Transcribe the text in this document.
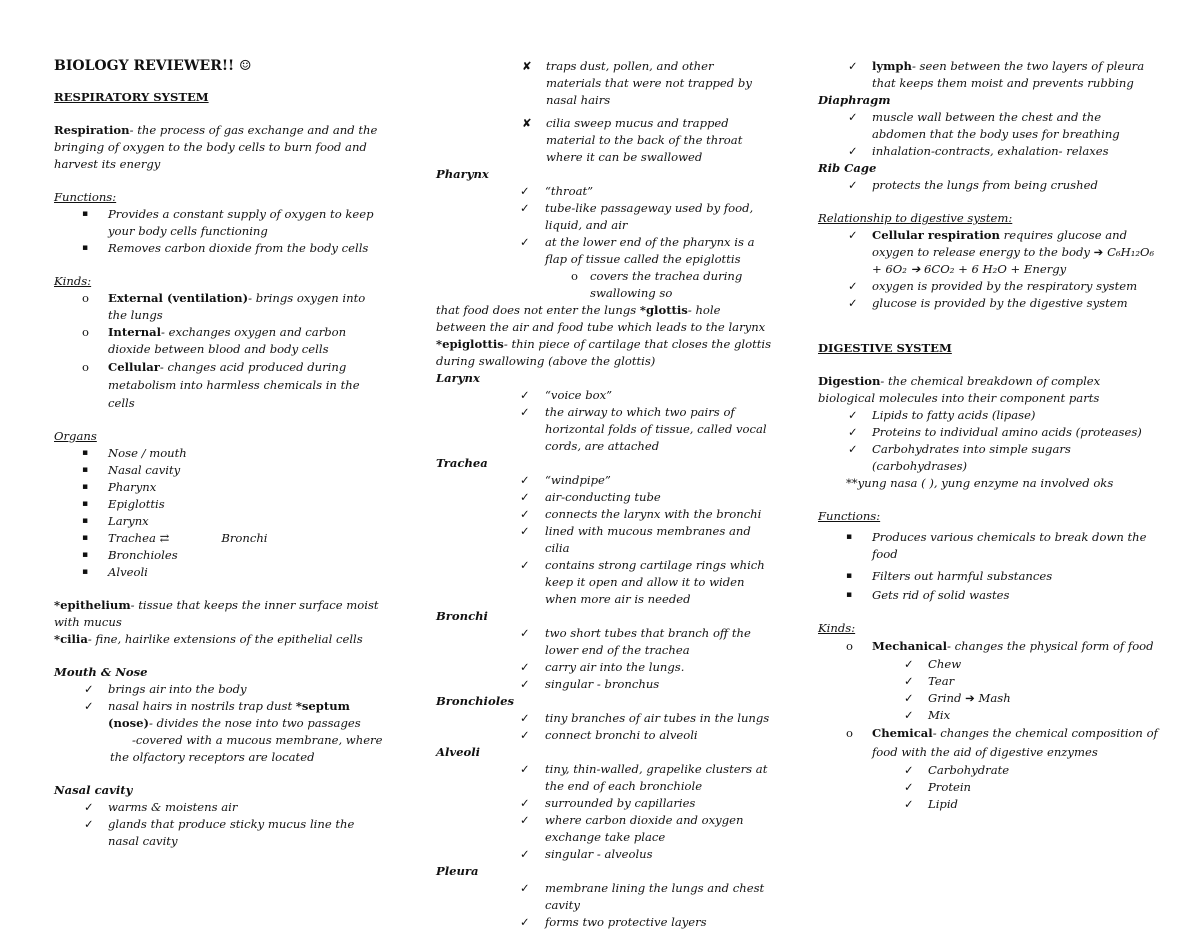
BIOLOGY REVIEWER!! ☺
RESPIRATORY SYSTEM

Respiration- the process of gas exchange and and the bringing of oxygen to the body cells to burn food and harvest its energy

Functions:
▪ Provides a constant supply of oxygen to keep your body cells functioning
▪ Removes carbon dioxide from the body cells
Kinds:
o External (ventilation)- brings oxygen into the lungs
o Internal- exchanges oxygen and carbon dioxide between blood and body cells
o Cellular- changes acid produced during metabolism into harmless chemicals in the cells
Organs
▪ Nose / mouth
▪ Nasal cavity
▪ Pharynx
▪ Epiglottis
▪ Larynx
▪ Trachea ⇄	Bronchi
▪ Bronchioles
▪ Alveoli

*epithelium- tissue that keeps the inner surface moist with mucus

*cilia- fine, hairlike extensions of the epithelial cells

Mouth & Nose
✓ brings air into the body
✓ nasal hairs in nostrils trap dust *septum (nose)- divides the nose into two passages
-covered with a mucous membrane, where the olfactory receptors are located
Nasal cavity
✓ warms & moistens air
✓ glands that produce sticky mucus line the nasal cavity
✘ traps dust, pollen, and other materials that were not trapped by nasal hairs
✘ cilia sweep mucus and trapped material to the back of the throat where it can be swallowed
Pharynx
✓ “throat”
✓ tube-like passageway used by food, liquid, and air
✓ at the lower end of the pharynx is a flap of tissue called the epiglottis
o covers the trachea during swallowing so

that food does not enter the lungs *glottis- hole between the air and food tube which leads to the larynx

*epiglottis- thin piece of cartilage that closes the glottis during swallowing (above the glottis)

Larynx
✓ “voice box”
✓ the airway to which two pairs of horizontal folds of tissue, called vocal cords, are attached
Trachea
✓ “windpipe”
✓ air-conducting tube
✓ connects the larynx with the bronchi
✓ lined with mucous membranes and cilia
✓ contains strong cartilage rings which keep it open and allow it to widen when more air is needed
Bronchi
✓ two short tubes that branch off the lower end of the trachea
✓ carry air into the lungs.
✓ singular - bronchus
Bronchioles
✓ tiny branches of air tubes in the lungs
✓ connect bronchi to alveoli
Alveoli
✓ tiny, thin-walled, grapelike clusters at the end of each bronchiole
✓ surrounded by capillaries
✓ where carbon dioxide and oxygen exchange take place
✓ singular - alveolus
Pleura
✓ membrane lining the lungs and chest cavity
✓ forms two protective layers
✓ lymph- seen between the two layers of pleura that keeps them moist and prevents rubbing
Diaphragm
✓ muscle wall between the chest and the abdomen that the body uses for breathing
✓ inhalation-contracts, exhalation- relaxes
Rib Cage
✓ protects the lungs from being crushed
Relationship to digestive system:
✓ Cellular respiration requires glucose and oxygen to release energy to the body ➔ C₆H₁₂O₆
+ 6O₂ ➔ 6CO₂ + 6 H₂O + Energy
✓ oxygen is provided by the respiratory system
✓ glucose is provided by the digestive system
DIGESTIVE SYSTEM

Digestion- the chemical breakdown of complex biological molecules into their component parts

✓ Lipids to fatty acids (lipase)
✓ Proteins to individual amino acids (proteases)
✓ Carbohydrates into simple sugars (carbohydrases)
**yung nasa ( ), yung enzyme na involved oks
Functions:
▪ Produces various chemicals to break down the food
▪ Filters out harmful substances
▪ Gets rid of solid wastes
Kinds:
o Mechanical- changes the physical form of food
✓ Chew
✓ Tear
✓ Grind ➔ Mash
✓ Mix
o Chemical- changes the chemical composition of food with the aid of digestive enzymes
✓ Carbohydrate
✓ Protein
✓ Lipid
